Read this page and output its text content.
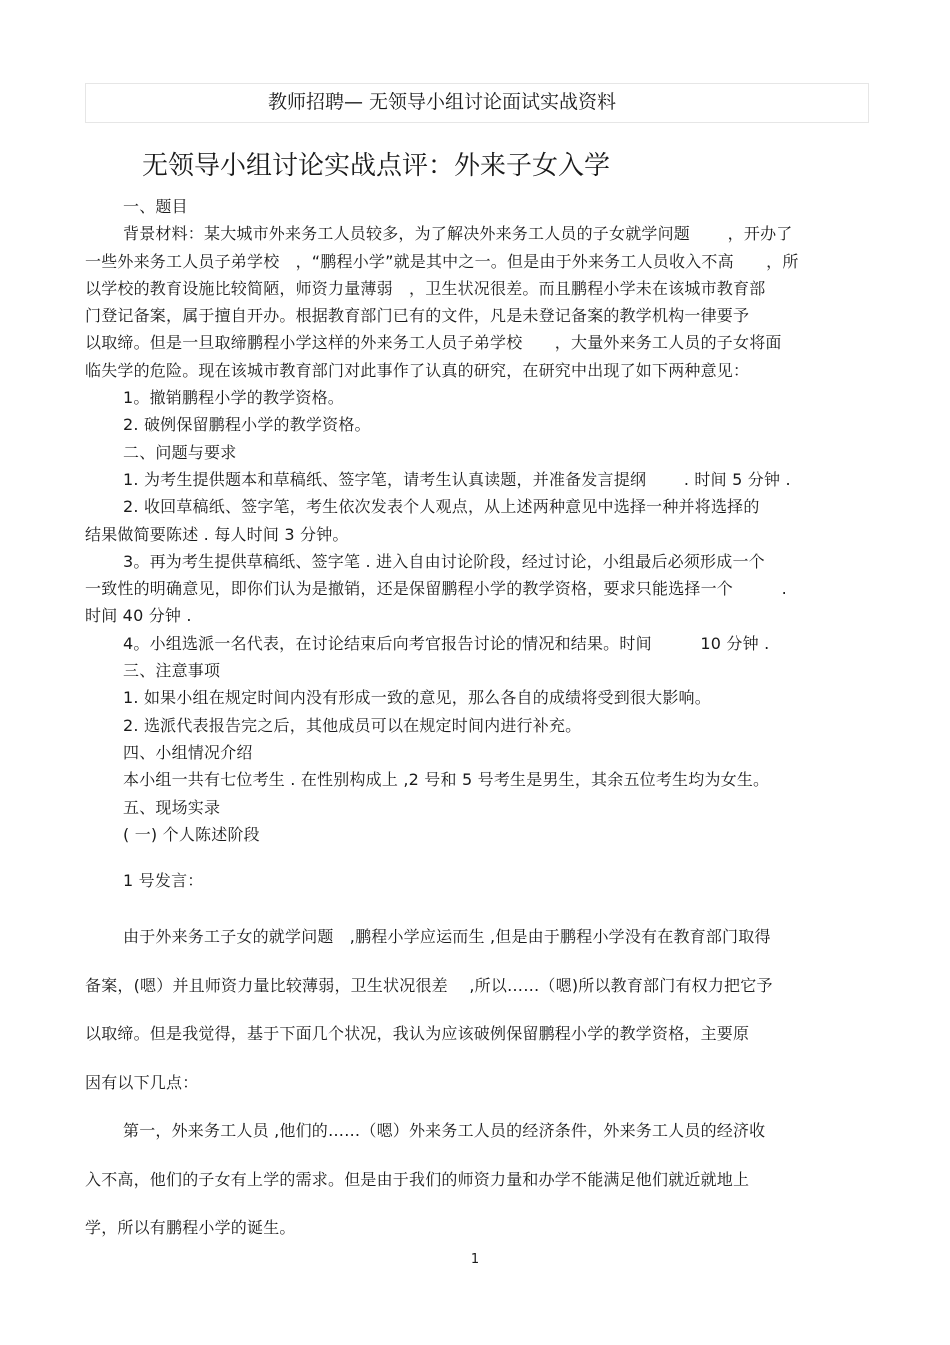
教师招聘— 无领导小组讨论面试实战资料
无领导小组讨论实战点评：外来子女入学
一、题目
背景材料：某大城市外来务工人员较多，为了解决外来务工人员的子女就学问题　　 ，开办了
一些外来务工人员子弟学校　，“鹏程小学”就是其中之一。但是由于外来务工人员收入不高　　，所
以学校的教育设施比较简陋，师资力量薄弱　，卫生状况很差。而且鹏程小学未在该城市教育部
门登记备案，属于擅自开办。根据教育部门已有的文件，凡是未登记备案的教学机构一律要予
以取缔。但是一旦取缔鹏程小学这样的外来务工人员子弟学校　　，大量外来务工人员的子女将面
临失学的危险。现在该城市教育部门对此事作了认真的研究，在研究中出现了如下两种意见：
1。撤销鹏程小学的教学资格。
2. 破例保留鹏程小学的教学资格。
二、问题与要求
1. 为考生提供题本和草稿纸、签字笔，请考生认真读题，并准备发言提纲　　 . 时间 5 分钟 .
2. 收回草稿纸、签字笔，考生依次发表个人观点，从上述两种意见中选择一种并将选择的
结果做简要陈述 . 每人时间 3 分钟。
3。再为考生提供草稿纸、签字笔 . 进入自由讨论阶段，经过讨论，小组最后必须形成一个
一致性的明确意见，即你们认为是撤销，还是保留鹏程小学的教学资格，要求只能选择一个　　　.
时间 40 分钟 .
4。小组选派一名代表，在讨论结束后向考官报告讨论的情况和结果。时间　　　10 分钟 .
三、注意事项
1. 如果小组在规定时间内没有形成一致的意见，那么各自的成绩将受到很大影响。
2. 选派代表报告完之后，其他成员可以在规定时间内进行补充。
四、小组情况介绍
本小组一共有七位考生 . 在性别构成上 ,2 号和 5 号考生是男生，其余五位考生均为女生。
五、现场实录
( 一) 个人陈述阶段
1 号发言：
由于外来务工子女的就学问题　,鹏程小学应运而生 ,但是由于鹏程小学没有在教育部门取得
备案，(嗯）并且师资力量比较薄弱，卫生状况很差　 ,所以……（嗯)所以教育部门有权力把它予
以取缔。但是我觉得，基于下面几个状况，我认为应该破例保留鹏程小学的教学资格，主要原
因有以下几点：
第一，外来务工人员 ,他们的……（嗯）外来务工人员的经济条件，外来务工人员的经济收
入不高，他们的子女有上学的需求。但是由于我们的师资力量和办学不能满足他们就近就地上
学，所以有鹏程小学的诞生。
1
